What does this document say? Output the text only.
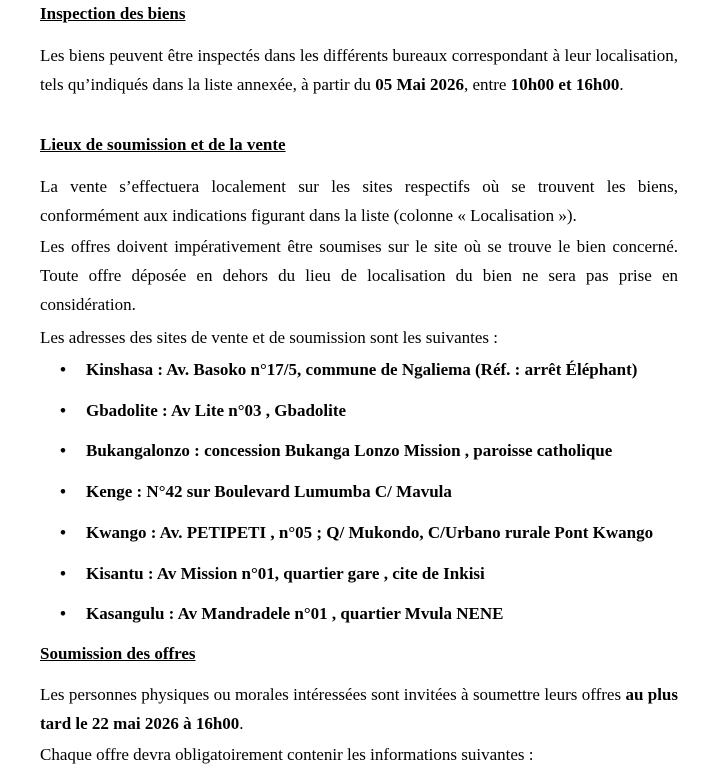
Inspection des biens
Les biens peuvent être inspectés dans les différents bureaux correspondant à leur localisation, tels qu’indiqués dans la liste annexée, à partir du 05 Mai 2026, entre 10h00 et 16h00.
Lieux de soumission et de la vente
La vente s’effectuera localement sur les sites respectifs où se trouvent les biens, conformément aux indications figurant dans la liste (colonne « Localisation »).
Les offres doivent impérativement être soumises sur le site où se trouve le bien concerné. Toute offre déposée en dehors du lieu de localisation du bien ne sera pas prise en considération.
Les adresses des sites de vente et de soumission sont les suivantes :
• Kinshasa : Av. Basoko n°17/5, commune de Ngaliema (Réf. : arrêt Éléphant)
• Gbadolite : Av Lite n°03 , Gbadolite
• Bukangalonzo : concession Bukanga Lonzo Mission , paroisse catholique
• Kenge : N°42 sur Boulevard Lumumba C/ Mavula
• Kwango : Av. PETIPETI , n°05 ; Q/ Mukondo, C/Urbano rurale Pont Kwango
• Kisantu : Av Mission n°01, quartier gare , cite de Inkisi
• Kasangulu : Av Mandradele n°01 , quartier Mvula NENE
Soumission des offres
Les personnes physiques ou morales intéressées sont invitées à soumettre leurs offres au plus tard le 22 mai 2026 à 16h00.
Chaque offre devra obligatoirement contenir les informations suivantes :
